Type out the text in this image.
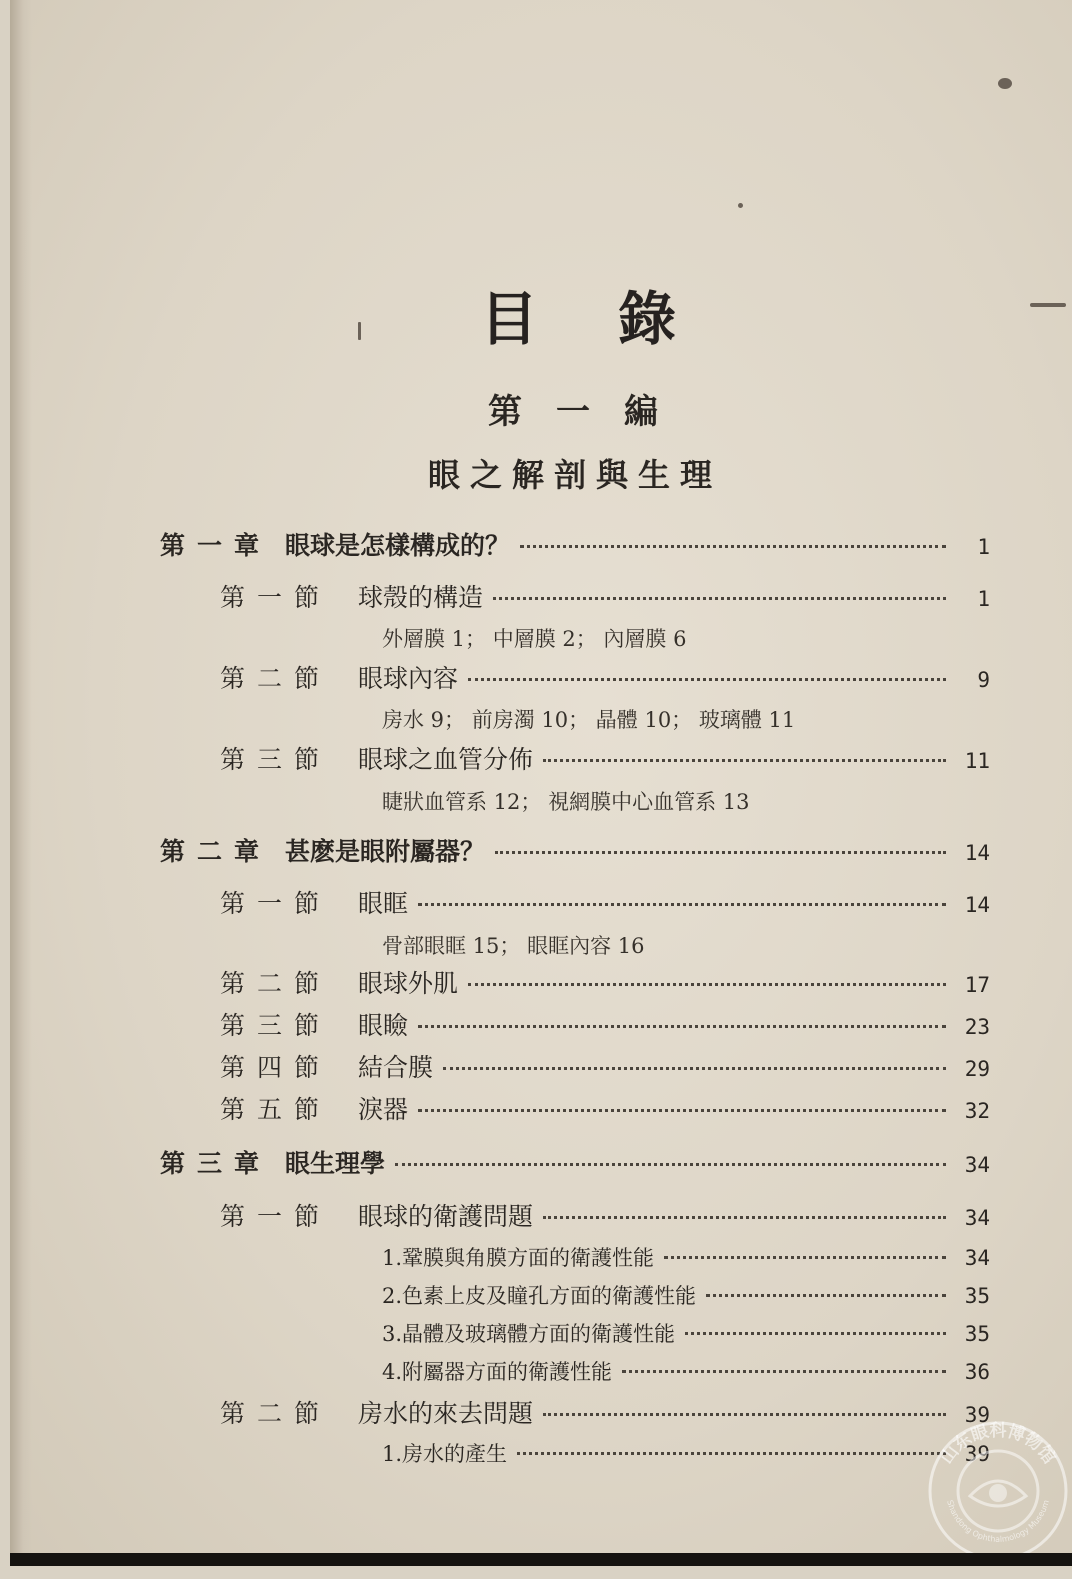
目錄
第一編
眼之解剖與生理
第一章 眼球是怎樣構成的？	1
第一節	球殼的構造	1
外層膜 1； 中層膜 2； 內層膜 6
第二節	眼球內容	9
房水 9； 前房濁 10； 晶體 10； 玻璃體 11
第三節	眼球之血管分佈	11
睫狀血管系 12； 視網膜中心血管系 13
第二章 甚麽是眼附屬器？	14
第一節	眼眶	14
骨部眼眶 15； 眼眶內容 16
第二節	眼球外肌	17
第三節	眼瞼	23
第四節	結合膜	29
第五節	淚器	32
第三章 眼生理學	34
第一節	眼球的衛護問題	34
1.鞏膜與角膜方面的衛護性能	34
2.色素上皮及瞳孔方面的衛護性能	35
3.晶體及玻璃體方面的衛護性能	35
4.附屬器方面的衛護性能	36
第二節	房水的來去問題	39
1.房水的產生	39
山东眼科博物馆
Shandong Ophthalmology Museum
